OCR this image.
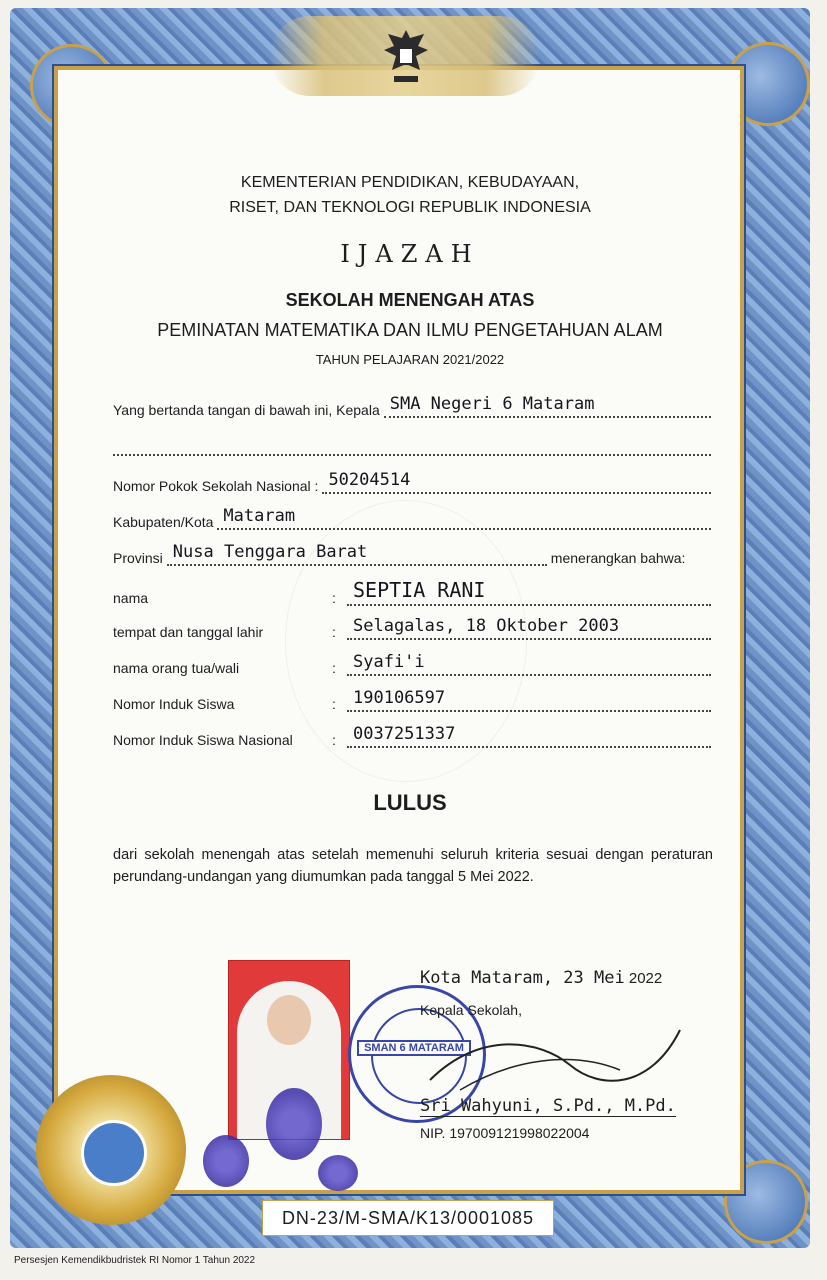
KEMENTERIAN PENDIDIKAN, KEBUDAYAAN,
RISET, DAN TEKNOLOGI REPUBLIK INDONESIA
IJAZAH
SEKOLAH MENENGAH ATAS
PEMINATAN MATEMATIKA DAN ILMU PENGETAHUAN ALAM
TAHUN PELAJARAN 2021/2022
Yang bertanda tangan di bawah ini, Kepala SMA Negeri 6 Mataram
Nomor Pokok Sekolah Nasional : 50204514
Kabupaten/Kota Mataram
Provinsi Nusa Tenggara Barat	menerangkan bahwa:
nama	: SEPTIA RANI
tempat dan tanggal lahir	:	Selagalas, 18 Oktober 2003
nama orang tua/wali	:	Syafi'i
Nomor Induk Siswa	:	190106597
Nomor Induk Siswa Nasional	:	0037251337
LULUS
dari sekolah menengah atas setelah memenuhi seluruh kriteria sesuai dengan peraturan perundang-undangan yang diumumkan pada tanggal 5 Mei 2022.
SMAN 6 MATARAM
Kota Mataram, 23 Mei 2022
Kepala Sekolah,
Sri Wahyuni, S.Pd., M.Pd.
NIP. 197009121998022004
DN-23/M-SMA/K13/0001085
Persesjen Kemendikbudristek RI Nomor 1 Tahun 2022
